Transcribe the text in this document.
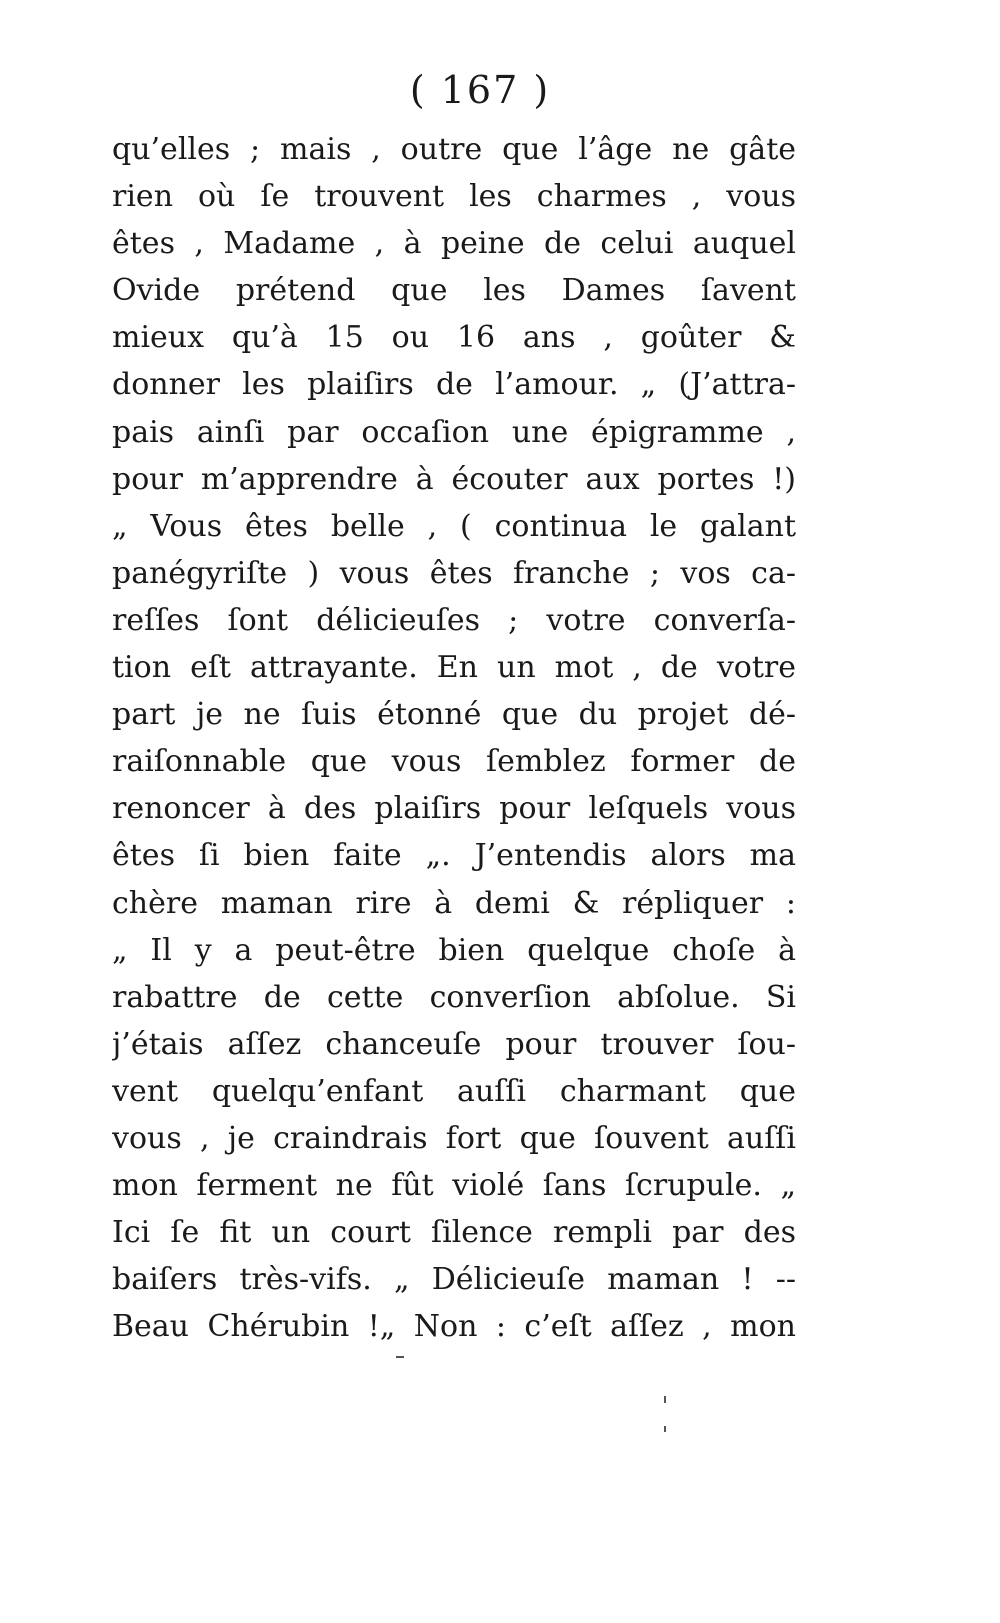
( 167 )
qu’elles ; mais , outre que l’âge ne gâte
rien où ſe trouvent les charmes , vous
êtes , Madame , à peine de celui auquel
Ovide prétend que les Dames ſavent
mieux qu’à 15 ou 16 ans , goûter &
donner les plaiſirs de l’amour. „ (J’attra-
pais ainſi par occaſion une épigramme ,
pour m’apprendre à écouter aux portes !)
„ Vous êtes belle , ( continua le galant
panégyriſte ) vous êtes franche ; vos ca-
reſſes ſont délicieuſes ; votre converſa-
tion eſt attrayante. En un mot , de votre
part je ne ſuis étonné que du projet dé-
raiſonnable que vous ſemblez former de
renoncer à des plaiſirs pour leſquels vous
êtes ſi bien faite „. J’entendis alors ma
chère maman rire à demi & répliquer :
„ Il y a peut-être bien quelque choſe à
rabattre de cette converſion abſolue. Si
j’étais aſſez chanceuſe pour trouver ſou-
vent quelqu’enfant auſſi charmant que
vous , je craindrais fort que ſouvent auſſi
mon ferment ne fût violé ſans ſcrupule. „
Ici ſe fit un court ſilence rempli par des
baiſers très-vifs. „ Délicieuſe maman ! --
Beau Chérubin !„ Non : c’eſt aſſez , mon
